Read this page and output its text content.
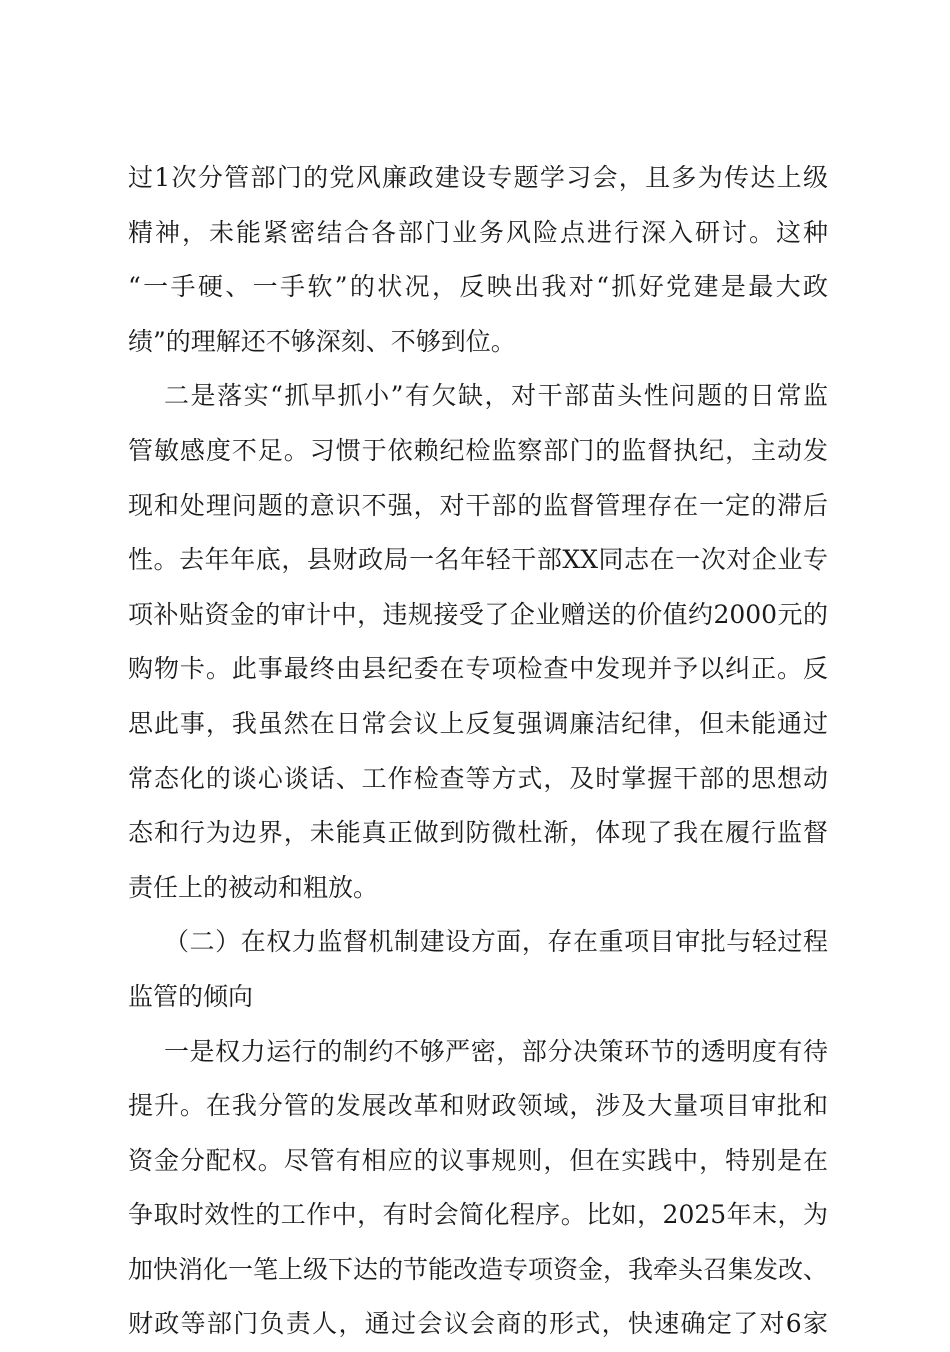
过1次分管部门的党风廉政建设专题学习会，且多为传达上级
精神，未能紧密结合各部门业务风险点进行深入研讨。这种
“一手硬、一手软”的状况，反映出我对“抓好党建是最大政
绩”的理解还不够深刻、不够到位。
二是落实“抓早抓小”有欠缺，对干部苗头性问题的日常监
管敏感度不足。习惯于依赖纪检监察部门的监督执纪，主动发
现和处理问题的意识不强，对干部的监督管理存在一定的滞后
性。去年年底，县财政局一名年轻干部XX同志在一次对企业专
项补贴资金的审计中，违规接受了企业赠送的价值约2000元的
购物卡。此事最终由县纪委在专项检查中发现并予以纠正。反
思此事，我虽然在日常会议上反复强调廉洁纪律，但未能通过
常态化的谈心谈话、工作检查等方式，及时掌握干部的思想动
态和行为边界，未能真正做到防微杜渐，体现了我在履行监督
责任上的被动和粗放。
（二）在权力监督机制建设方面，存在重项目审批与轻过程
监管的倾向
一是权力运行的制约不够严密，部分决策环节的透明度有待
提升。在我分管的发展改革和财政领域，涉及大量项目审批和
资金分配权。尽管有相应的议事规则，但在实践中，特别是在
争取时效性的工作中，有时会简化程序。比如，2025年末，为
加快消化一笔上级下达的节能改造专项资金，我牵头召集发改、
财政等部门负责人，通过会议会商的形式，快速确定了对6家
